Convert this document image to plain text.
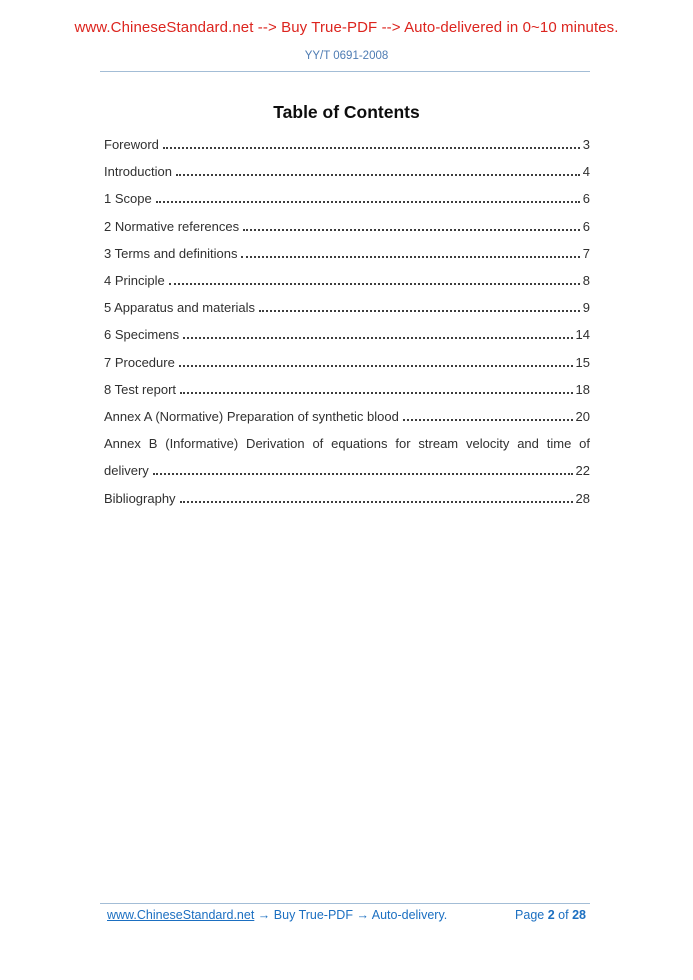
www.ChineseStandard.net --> Buy True-PDF --> Auto-delivered in 0~10 minutes.
YY/T 0691-2008
Table of Contents
Foreword	3
Introduction	4
1 Scope	6
2 Normative references	6
3 Terms and definitions	7
4 Principle	8
5 Apparatus and materials	9
6 Specimens	14
7 Procedure	15
8 Test report	18
Annex A (Normative) Preparation of synthetic blood	20
Annex B (Informative) Derivation of equations for stream velocity and time of
delivery	22
Bibliography	28
www.ChineseStandard.net → Buy True-PDF → Auto-delivery.	Page 2 of 28
